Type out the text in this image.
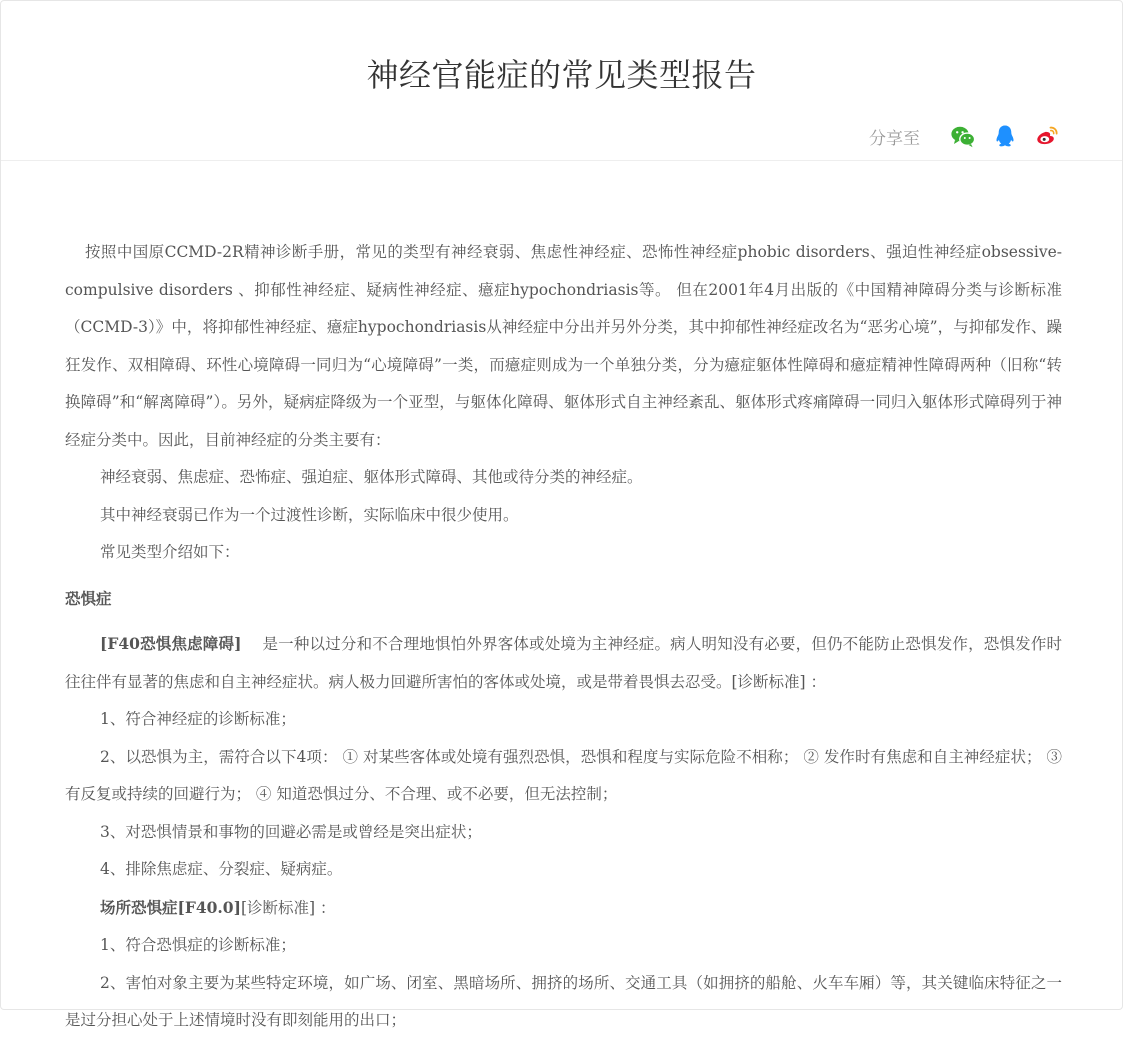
神经官能症的常见类型报告
分享至

按照中国原CCMD-2R精神诊断手册，常见的类型有神经衰弱、焦虑性神经症、恐怖性神经症phobic disorders、强迫性神经症obsessive-compulsive disorders 、抑郁性神经症、疑病性神经症、癔症hypochondriasis等。 但在2001年4月出版的《中国精神障碍分类与诊断标准（CCMD-3）》中，将抑郁性神经症、癔症hypochondriasis从神经症中分出并另外分类，其中抑郁性神经症改名为“恶劣心境”，与抑郁发作、躁狂发作、双相障碍、环性心境障碍一同归为“心境障碍”一类，而癔症则成为一个单独分类，分为癔症躯体性障碍和癔症精神性障碍两种（旧称“转换障碍”和“解离障碍”）。另外，疑病症降级为一个亚型，与躯体化障碍、躯体形式自主神经紊乱、躯体形式疼痛障碍一同归入躯体形式障碍列于神经症分类中。因此，目前神经症的分类主要有：

神经衰弱、焦虑症、恐怖症、强迫症、躯体形式障碍、其他或待分类的神经症。

其中神经衰弱已作为一个过渡性诊断，实际临床中很少使用。

常见类型介绍如下：

恐惧症

[F40恐惧焦虑障碍]　 是一种以过分和不合理地惧怕外界客体或处境为主神经症。病人明知没有必要，但仍不能防止恐惧发作，恐惧发作时往往伴有显著的焦虑和自主神经症状。病人极力回避所害怕的客体或处境，或是带着畏惧去忍受。[诊断标准] ：

1、符合神经症的诊断标准；

2、以恐惧为主，需符合以下4项： ① 对某些客体或处境有强烈恐惧，恐惧和程度与实际危险不相称； ② 发作时有焦虑和自主神经症状； ③ 有反复或持续的回避行为； ④ 知道恐惧过分、不合理、或不必要，但无法控制；

3、对恐惧情景和事物的回避必需是或曾经是突出症状；

4、排除焦虑症、分裂症、疑病症。

场所恐惧症[F40.0][诊断标准] ：

1、符合恐惧症的诊断标准；

2、害怕对象主要为某些特定环境，如广场、闭室、黑暗场所、拥挤的场所、交通工具（如拥挤的船舱、火车车厢）等，其关键临床特征之一是过分担心处于上述情境时没有即刻能用的出口；
